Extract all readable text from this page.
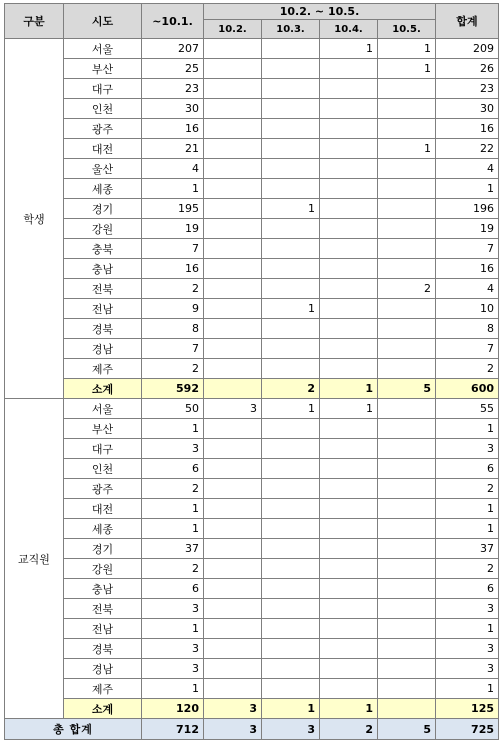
구분	시도	~10.1.	10.2. ~ 10.5.				합계
			10.2.	10.3.	10.4.	10.5.	
학생	서울	207			1	1	209
	부산	25				1	26
	대구	23					23
	인천	30					30
	광주	16					16
	대전	21				1	22
	울산	4					4
	세종	1					1
	경기	195		1			196
	강원	19					19
	충북	7					7
	충남	16					16
	전북	2				2	4
	전남	9		1			10
	경북	8					8
	경남	7					7
	제주	2					2
	소계	592		2	1	5	600
교직원	서울	50	3	1	1		55
	부산	1					1
	대구	3					3
	인천	6					6
	광주	2					2
	대전	1					1
	세종	1					1
	경기	37					37
	강원	2					2
	충남	6					6
	전북	3					3
	전남	1					1
	경북	3					3
	경남	3					3
	제주	1					1
	소계	120	3	1	1		125
총 합계		712	3	3	2	5	725
